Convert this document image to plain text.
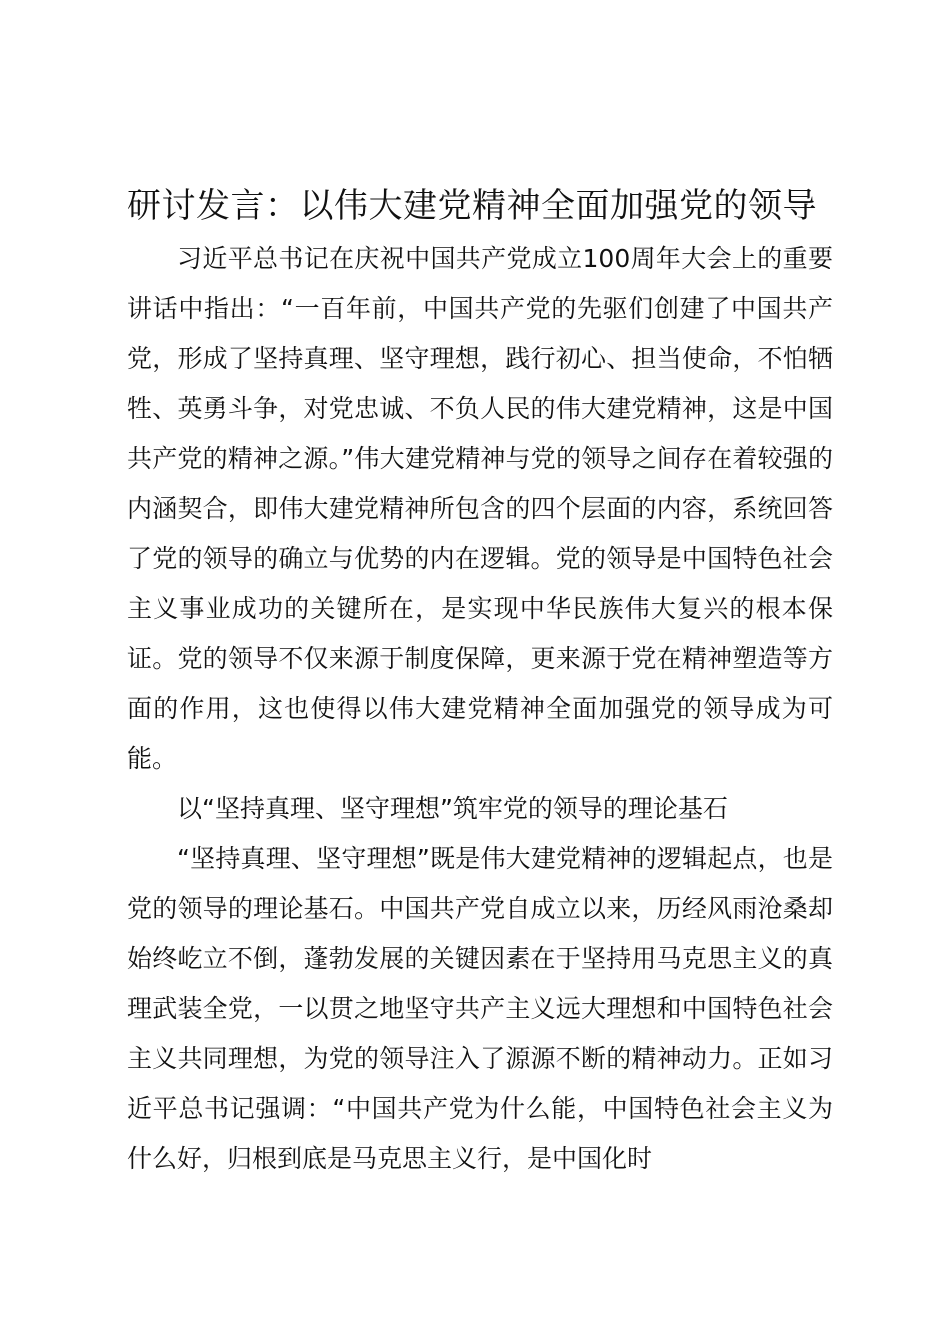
研讨发言：以伟大建党精神全面加强党的领导

习近平总书记在庆祝中国共产党成立100周年大会上的重要讲话中指出：“一百年前，中国共产党的先驱们创建了中国共产党，形成了坚持真理、坚守理想，践行初心、担当使命，不怕牺牲、英勇斗争，对党忠诚、不负人民的伟大建党精神，这是中国共产党的精神之源。”伟大建党精神与党的领导之间存在着较强的内涵契合，即伟大建党精神所包含的四个层面的内容，系统回答了党的领导的确立与优势的内在逻辑。党的领导是中国特色社会主义事业成功的关键所在，是实现中华民族伟大复兴的根本保证。党的领导不仅来源于制度保障，更来源于党在精神塑造等方面的作用，这也使得以伟大建党精神全面加强党的领导成为可能。

以“坚持真理、坚守理想”筑牢党的领导的理论基石

“坚持真理、坚守理想”既是伟大建党精神的逻辑起点，也是党的领导的理论基石。中国共产党自成立以来，历经风雨沧桑却始终屹立不倒，蓬勃发展的关键因素在于坚持用马克思主义的真理武装全党，一以贯之地坚守共产主义远大理想和中国特色社会主义共同理想，为党的领导注入了源源不断的精神动力。正如习近平总书记强调：“中国共产党为什么能，中国特色社会主义为什么好，归根到底是马克思主义行，是中国化时
